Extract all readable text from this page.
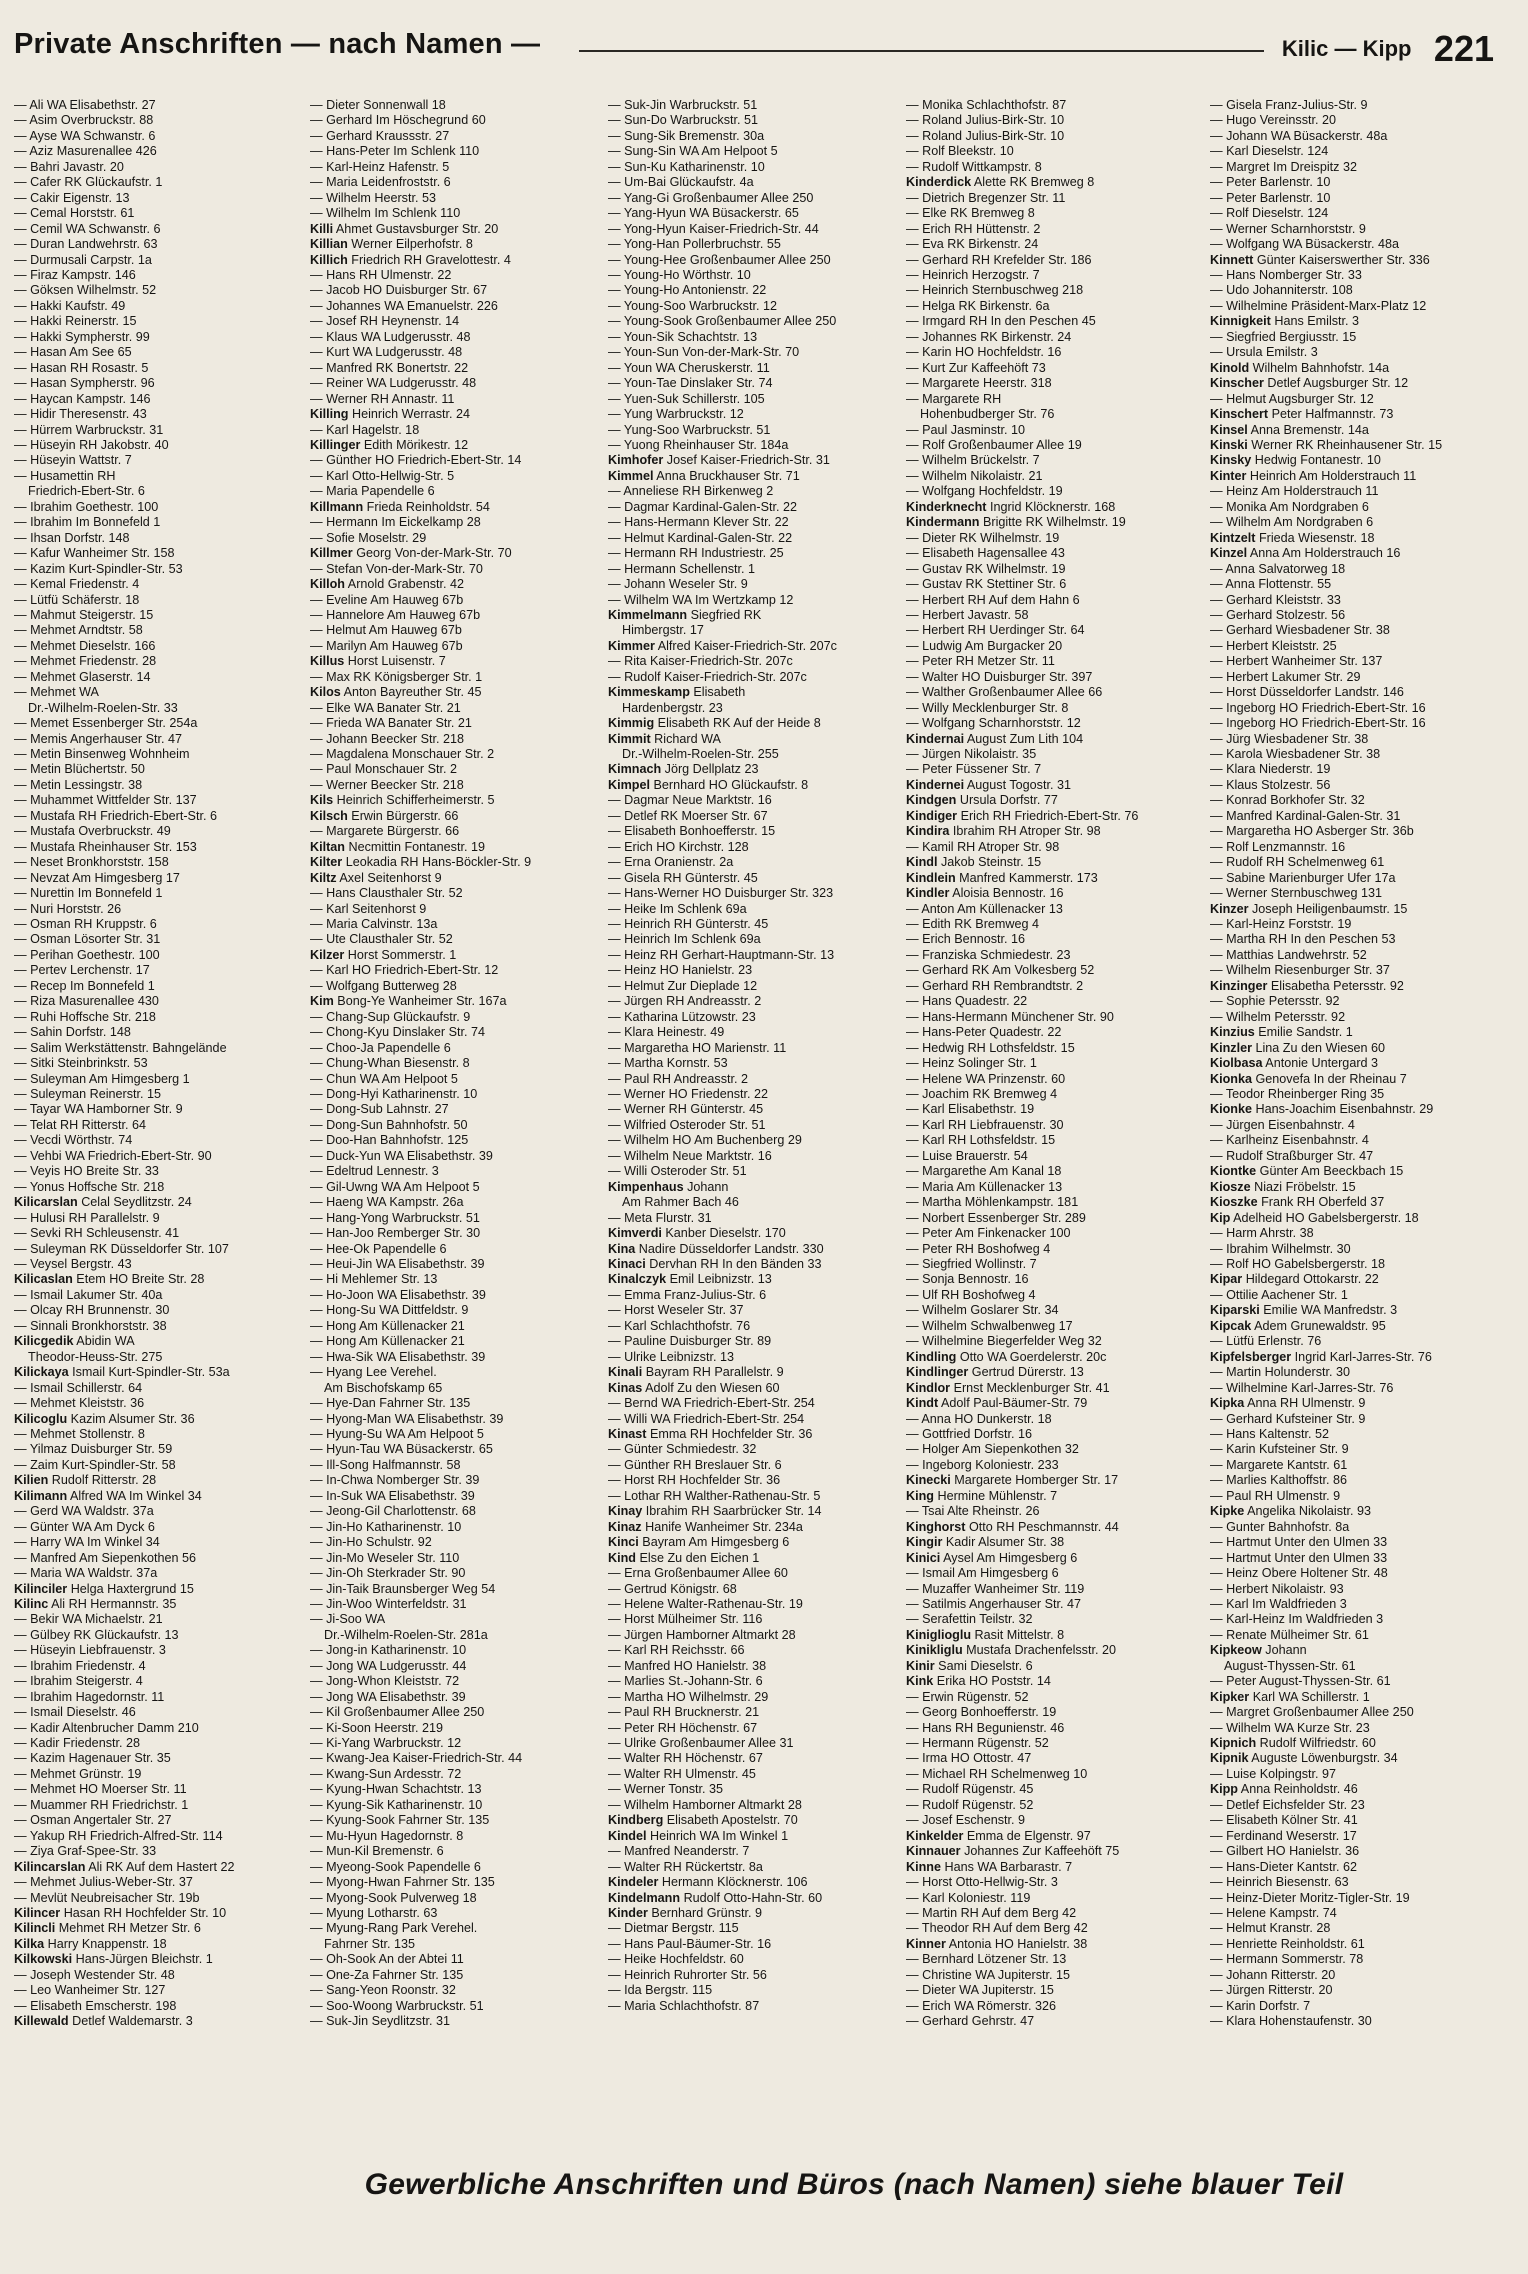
Private Anschriften — nach Namen —	Kilic — Kipp 221
— Ali WA Elisabethstr. 27
— Asim Overbruckstr. 88
— Ayse WA Schwanstr. 6
— Aziz Masurenallee 426
— Bahri Javastr. 20
— Cafer RK Glückaufstr. 1
— Cakir Eigenstr. 13
— Cemal Horststr. 61
— Cemil WA Schwanstr. 6
— Duran Landwehrstr. 63
— Durmusali Carpstr. 1a
— Firaz Kampstr. 146
— Göksen Wilhelmstr. 52
— Hakki Kaufstr. 49
— Hakki Reinerstr. 15
— Hakki Sympherstr. 99
— Hasan Am See 65
— Hasan RH Rosastr. 5
— Hasan Sympherstr. 96
— Haycan Kampstr. 146
— Hidir Theresenstr. 43
— Hürrem Warbruckstr. 31
— Hüseyin RH Jakobstr. 40
— Hüseyin Wattstr. 7
— Husamettin RH
Friedrich-Ebert-Str. 6
— Ibrahim Goethestr. 100
— Ibrahim Im Bonnefeld 1
— Ihsan Dorfstr. 148
— Kafur Wanheimer Str. 158
— Kazim Kurt-Spindler-Str. 53
— Kemal Friedenstr. 4
— Lütfü Schäferstr. 18
— Mahmut Steigerstr. 15
— Mehmet Arndtstr. 58
— Mehmet Dieselstr. 166
— Mehmet Friedenstr. 28
— Mehmet Glaserstr. 14
— Mehmet WA
Dr.-Wilhelm-Roelen-Str. 33
— Memet Essenberger Str. 254a
— Memis Angerhauser Str. 47
— Metin Binsenweg Wohnheim
— Metin Blüchertstr. 50
— Metin Lessingstr. 38
— Muhammet Wittfelder Str. 137
— Mustafa RH Friedrich-Ebert-Str. 6
— Mustafa Overbruckstr. 49
— Mustafa Rheinhauser Str. 153
— Neset Bronkhorststr. 158
— Nevzat Am Himgesberg 17
— Nurettin Im Bonnefeld 1
— Nuri Horststr. 26
— Osman RH Kruppstr. 6
— Osman Lösorter Str. 31
— Perihan Goethestr. 100
— Pertev Lerchenstr. 17
— Recep Im Bonnefeld 1
— Riza Masurenallee 430
— Ruhi Hoffsche Str. 218
— Sahin Dorfstr. 148
— Salim Werkstättenstr. Bahngelände
— Sitki Steinbrinkstr. 53
— Suleyman Am Himgesberg 1
— Suleyman Reinerstr. 15
— Tayar WA Hamborner Str. 9
— Telat RH Ritterstr. 64
— Vecdi Wörthstr. 74
— Vehbi WA Friedrich-Ebert-Str. 90
— Veyis HO Breite Str. 33
— Yonus Hoffsche Str. 218
Kilicarslan Celal Seydlitzstr. 24
— Hulusi RH Parallelstr. 9
— Sevki RH Schleusenstr. 41
— Suleyman RK Düsseldorfer Str. 107
— Veysel Bergstr. 43
Kilicaslan Etem HO Breite Str. 28
— Ismail Lakumer Str. 40a
— Olcay RH Brunnenstr. 30
— Sinnali Bronkhorststr. 38
Kilicgedik Abidin WA
Theodor-Heuss-Str. 275
Kilickaya Ismail Kurt-Spindler-Str. 53a
— Ismail Schillerstr. 64
— Mehmet Kleiststr. 36
Kilicoglu Kazim Alsumer Str. 36
— Mehmet Stollenstr. 8
— Yilmaz Duisburger Str. 59
— Zaim Kurt-Spindler-Str. 58
Kilien Rudolf Ritterstr. 28
Kilimann Alfred WA Im Winkel 34
— Gerd WA Waldstr. 37a
— Günter WA Am Dyck 6
— Harry WA Im Winkel 34
— Manfred Am Siepenkothen 56
— Maria WA Waldstr. 37a
Kilinciler Helga Haxtergrund 15
Kilinc Ali RH Hermannstr. 35
— Bekir WA Michaelstr. 21
— Gülbey RK Glückaufstr. 13
— Hüseyin Liebfrauenstr. 3
— Ibrahim Friedenstr. 4
— Ibrahim Steigerstr. 4
— Ibrahim Hagedornstr. 11
— Ismail Dieselstr. 46
— Kadir Altenbrucher Damm 210
— Kadir Friedenstr. 28
— Kazim Hagenauer Str. 35
— Mehmet Grünstr. 19
— Mehmet HO Moerser Str. 11
— Muammer RH Friedrichstr. 1
— Osman Angertaler Str. 27
— Yakup RH Friedrich-Alfred-Str. 114
— Ziya Graf-Spee-Str. 33
Kilincarslan Ali RK Auf dem Hastert 22
— Mehmet Julius-Weber-Str. 37
— Mevlüt Neubreisacher Str. 19b
Kilincer Hasan RH Hochfelder Str. 10
Kilincli Mehmet RH Metzer Str. 6
Kilka Harry Knappenstr. 18
Kilkowski Hans-Jürgen Bleichstr. 1
— Joseph Westender Str. 48
— Leo Wanheimer Str. 127
— Elisabeth Emscherstr. 198
Killewald Detlef Waldemarstr. 3
— Dieter Sonnenwall 18
— Gerhard Im Höschegrund 60
— Gerhard Kraussstr. 27
— Hans-Peter Im Schlenk 110
— Karl-Heinz Hafenstr. 5
— Maria Leidenfroststr. 6
— Wilhelm Heerstr. 53
— Wilhelm Im Schlenk 110
Killi Ahmet Gustavsburger Str. 20
Killian Werner Eilperhofstr. 8
Killich Friedrich RH Gravelottestr. 4
— Hans RH Ulmenstr. 22
— Jacob HO Duisburger Str. 67
— Johannes WA Emanuelstr. 226
— Josef RH Heynenstr. 14
— Klaus WA Ludgerusstr. 48
— Kurt WA Ludgerusstr. 48
— Manfred RK Bonertstr. 22
— Reiner WA Ludgerusstr. 48
— Werner RH Annastr. 11
Killing Heinrich Werrastr. 24
— Karl Hagelstr. 18
Killinger Edith Mörikestr. 12
— Günther HO Friedrich-Ebert-Str. 14
— Karl Otto-Hellwig-Str. 5
— Maria Papendelle 6
Killmann Frieda Reinholdstr. 54
— Hermann Im Eickelkamp 28
— Sofie Moselstr. 29
Killmer Georg Von-der-Mark-Str. 70
— Stefan Von-der-Mark-Str. 70
Killoh Arnold Grabenstr. 42
— Eveline Am Hauweg 67b
— Hannelore Am Hauweg 67b
— Helmut Am Hauweg 67b
— Marilyn Am Hauweg 67b
Killus Horst Luisenstr. 7
— Max RK Königsberger Str. 1
Kilos Anton Bayreuther Str. 45
— Elke WA Banater Str. 21
— Frieda WA Banater Str. 21
— Johann Beecker Str. 218
— Magdalena Monschauer Str. 2
— Paul Monschauer Str. 2
— Werner Beecker Str. 218
Kils Heinrich Schifferheimerstr. 5
Kilsch Erwin Bürgerstr. 66
— Margarete Bürgerstr. 66
Kiltan Necmittin Fontanestr. 19
Kilter Leokadia RH Hans-Böckler-Str. 9
Kiltz Axel Seitenhorst 9
— Hans Clausthaler Str. 52
— Karl Seitenhorst 9
— Maria Calvinstr. 13a
— Ute Clausthaler Str. 52
Kilzer Horst Sommerstr. 1
— Karl HO Friedrich-Ebert-Str. 12
— Wolfgang Butterweg 28
Kim Bong-Ye Wanheimer Str. 167a
— Chang-Sup Glückaufstr. 9
— Chong-Kyu Dinslaker Str. 74
— Choo-Ja Papendelle 6
— Chung-Whan Biesenstr. 8
— Chun WA Am Helpoot 5
— Dong-Hyi Katharinenstr. 10
— Dong-Sub Lahnstr. 27
— Dong-Sun Bahnhofstr. 50
— Doo-Han Bahnhofstr. 125
— Duck-Yun WA Elisabethstr. 39
— Edeltrud Lennestr. 3
— Gil-Uwng WA Am Helpoot 5
— Haeng WA Kampstr. 26a
— Hang-Yong Warbruckstr. 51
— Han-Joo Remberger Str. 30
— Hee-Ok Papendelle 6
— Heui-Jin WA Elisabethstr. 39
— Hi Mehlemer Str. 13
— Ho-Joon WA Elisabethstr. 39
— Hong-Su WA Dittfeldstr. 9
— Hong Am Küllenacker 21
— Hong Am Küllenacker 21
— Hwa-Sik WA Elisabethstr. 39
— Hyang Lee Verehel.
Am Bischofskamp 65
— Hye-Dan Fahrner Str. 135
— Hyong-Man WA Elisabethstr. 39
— Hyung-Su WA Am Helpoot 5
— Hyun-Tau WA Büsackerstr. 65
— Ill-Song Halfmannstr. 58
— In-Chwa Nomberger Str. 39
— In-Suk WA Elisabethstr. 39
— Jeong-Gil Charlottenstr. 68
— Jin-Ho Katharinenstr. 10
— Jin-Ho Schulstr. 92
— Jin-Mo Weseler Str. 110
— Jin-Oh Sterkrader Str. 90
— Jin-Taik Braunsberger Weg 54
— Jin-Woo Winterfeldstr. 31
— Ji-Soo WA
Dr.-Wilhelm-Roelen-Str. 281a
— Jong-in Katharinenstr. 10
— Jong WA Ludgerusstr. 44
— Jong-Whon Kleiststr. 72
— Jong WA Elisabethstr. 39
— Kil Großenbaumer Allee 250
— Ki-Soon Heerstr. 219
— Ki-Yang Warbruckstr. 12
— Kwang-Jea Kaiser-Friedrich-Str. 44
— Kwang-Sun Ardesstr. 72
— Kyung-Hwan Schachtstr. 13
— Kyung-Sik Katharinenstr. 10
— Kyung-Sook Fahrner Str. 135
— Mu-Hyun Hagedornstr. 8
— Mun-Kil Bremenstr. 6
— Myeong-Sook Papendelle 6
— Myong-Hwan Fahrner Str. 135
— Myong-Sook Pulverweg 18
— Myung Lotharstr. 63
— Myung-Rang Park Verehel.
Fahrner Str. 135
— Oh-Sook An der Abtei 11
— One-Za Fahrner Str. 135
— Sang-Yeon Roonstr. 32
— Soo-Woong Warbruckstr. 51
— Suk-Jin Seydlitzstr. 31
— Suk-Jin Warbruckstr. 51
— Sun-Do Warbruckstr. 51
— Sung-Sik Bremenstr. 30a
— Sung-Sin WA Am Helpoot 5
— Sun-Ku Katharinenstr. 10
— Um-Bai Glückaufstr. 4a
— Yang-Gi Großenbaumer Allee 250
— Yang-Hyun WA Büsackerstr. 65
— Yong-Hyun Kaiser-Friedrich-Str. 44
— Yong-Han Pollerbruchstr. 55
— Young-Hee Großenbaumer Allee 250
— Young-Ho Wörthstr. 10
— Young-Ho Antonienstr. 22
— Young-Soo Warbruckstr. 12
— Young-Sook Großenbaumer Allee 250
— Youn-Sik Schachtstr. 13
— Youn-Sun Von-der-Mark-Str. 70
— Youn WA Cheruskerstr. 11
— Youn-Tae Dinslaker Str. 74
— Yuen-Suk Schillerstr. 105
— Yung Warbruckstr. 12
— Yung-Soo Warbruckstr. 51
— Yuong Rheinhauser Str. 184a
Kimhofer Josef Kaiser-Friedrich-Str. 31
Kimmel Anna Bruckhauser Str. 71
— Anneliese RH Birkenweg 2
— Dagmar Kardinal-Galen-Str. 22
— Hans-Hermann Klever Str. 22
— Helmut Kardinal-Galen-Str. 22
— Hermann RH Industriestr. 25
— Hermann Schellenstr. 1
— Johann Weseler Str. 9
— Wilhelm WA Im Wertzkamp 12
Kimmelmann Siegfried RK
Himbergstr. 17
Kimmer Alfred Kaiser-Friedrich-Str. 207c
— Rita Kaiser-Friedrich-Str. 207c
— Rudolf Kaiser-Friedrich-Str. 207c
Kimmeskamp Elisabeth
Hardenbergstr. 23
Kimmig Elisabeth RK Auf der Heide 8
Kimmit Richard WA
Dr.-Wilhelm-Roelen-Str. 255
Kimnach Jörg Dellplatz 23
Kimpel Bernhard HO Glückaufstr. 8
— Dagmar Neue Marktstr. 16
— Detlef RK Moerser Str. 67
— Elisabeth Bonhoefferstr. 15
— Erich HO Kirchstr. 128
— Erna Oranienstr. 2a
— Gisela RH Günterstr. 45
— Hans-Werner HO Duisburger Str. 323
— Heike Im Schlenk 69a
— Heinrich RH Günterstr. 45
— Heinrich Im Schlenk 69a
— Heinz RH Gerhart-Hauptmann-Str. 13
— Heinz HO Hanielstr. 23
— Helmut Zur Dieplade 12
— Jürgen RH Andreasstr. 2
— Katharina Lützowstr. 23
— Klara Heinestr. 49
— Margaretha HO Marienstr. 11
— Martha Kornstr. 53
— Paul RH Andreasstr. 2
— Werner HO Friedenstr. 22
— Werner RH Günterstr. 45
— Wilfried Osteroder Str. 51
— Wilhelm HO Am Buchenberg 29
— Wilhelm Neue Marktstr. 16
— Willi Osteroder Str. 51
Kimpenhaus Johann
Am Rahmer Bach 46
— Meta Flurstr. 31
Kimverdi Kanber Dieselstr. 170
Kina Nadire Düsseldorfer Landstr. 330
Kinaci Dervhan RH In den Bänden 33
Kinalczyk Emil Leibnizstr. 13
— Emma Franz-Julius-Str. 6
— Horst Weseler Str. 37
— Karl Schlachthofstr. 76
— Pauline Duisburger Str. 89
— Ulrike Leibnizstr. 13
Kinali Bayram RH Parallelstr. 9
Kinas Adolf Zu den Wiesen 60
— Bernd WA Friedrich-Ebert-Str. 254
— Willi WA Friedrich-Ebert-Str. 254
Kinast Emma RH Hochfelder Str. 36
— Günter Schmiedestr. 32
— Günther RH Breslauer Str. 6
— Horst RH Hochfelder Str. 36
— Lothar RH Walther-Rathenau-Str. 5
Kinay Ibrahim RH Saarbrücker Str. 14
Kinaz Hanife Wanheimer Str. 234a
Kinci Bayram Am Himgesberg 6
Kind Else Zu den Eichen 1
— Erna Großenbaumer Allee 60
— Gertrud Königstr. 68
— Helene Walter-Rathenau-Str. 19
— Horst Mülheimer Str. 116
— Jürgen Hamborner Altmarkt 28
— Karl RH Reichsstr. 66
— Manfred HO Hanielstr. 38
— Marlies St.-Johann-Str. 6
— Martha HO Wilhelmstr. 29
— Paul RH Brucknerstr. 21
— Peter RH Höchenstr. 67
— Ulrike Großenbaumer Allee 31
— Walter RH Höchenstr. 67
— Walter RH Ulmenstr. 45
— Werner Tonstr. 35
— Wilhelm Hamborner Altmarkt 28
Kindberg Elisabeth Apostelstr. 70
Kindel Heinrich WA Im Winkel 1
— Manfred Neanderstr. 7
— Walter RH Rückertstr. 8a
Kindeler Hermann Klöcknerstr. 106
Kindelmann Rudolf Otto-Hahn-Str. 60
Kinder Bernhard Grünstr. 9
— Dietmar Bergstr. 115
— Hans Paul-Bäumer-Str. 16
— Heike Hochfeldstr. 60
— Heinrich Ruhrorter Str. 56
— Ida Bergstr. 115
— Maria Schlachthofstr. 87
— Monika Schlachthofstr. 87
— Roland Julius-Birk-Str. 10
— Roland Julius-Birk-Str. 10
— Rolf Bleekstr. 10
— Rudolf Wittkampstr. 8
Kinderdick Alette RK Bremweg 8
— Dietrich Bregenzer Str. 11
— Elke RK Bremweg 8
— Erich RH Hüttenstr. 2
— Eva RK Birkenstr. 24
— Gerhard RH Krefelder Str. 186
— Heinrich Herzogstr. 7
— Heinrich Sternbuschweg 218
— Helga RK Birkenstr. 6a
— Irmgard RH In den Peschen 45
— Johannes RK Birkenstr. 24
— Karin HO Hochfeldstr. 16
— Kurt Zur Kaffeehöft 73
— Margarete Heerstr. 318
— Margarete RH
Hohenbudberger Str. 76
— Paul Jasminstr. 10
— Rolf Großenbaumer Allee 19
— Wilhelm Brückelstr. 7
— Wilhelm Nikolaistr. 21
— Wolfgang Hochfeldstr. 19
Kinderknecht Ingrid Klöcknerstr. 168
Kindermann Brigitte RK Wilhelmstr. 19
— Dieter RK Wilhelmstr. 19
— Elisabeth Hagensallee 43
— Gustav RK Wilhelmstr. 19
— Gustav RK Stettiner Str. 6
— Herbert RH Auf dem Hahn 6
— Herbert Javastr. 58
— Herbert RH Uerdinger Str. 64
— Ludwig Am Burgacker 20
— Peter RH Metzer Str. 11
— Walter HO Duisburger Str. 397
— Walther Großenbaumer Allee 66
— Willy Mecklenburger Str. 8
— Wolfgang Scharnhorststr. 12
Kindernai August Zum Lith 104
— Jürgen Nikolaistr. 35
— Peter Füssener Str. 7
Kindernei August Togostr. 31
Kindgen Ursula Dorfstr. 77
Kindiger Erich RH Friedrich-Ebert-Str. 76
Kindira Ibrahim RH Atroper Str. 98
— Kamil RH Atroper Str. 98
Kindl Jakob Steinstr. 15
Kindlein Manfred Kammerstr. 173
Kindler Aloisia Bennostr. 16
— Anton Am Küllenacker 13
— Edith RK Bremweg 4
— Erich Bennostr. 16
— Franziska Schmiedestr. 23
— Gerhard RK Am Volkesberg 52
— Gerhard RH Rembrandtstr. 2
— Hans Quadestr. 22
— Hans-Hermann Münchener Str. 90
— Hans-Peter Quadestr. 22
— Hedwig RH Lothsfeldstr. 15
— Heinz Solinger Str. 1
— Helene WA Prinzenstr. 60
— Joachim RK Bremweg 4
— Karl Elisabethstr. 19
— Karl RH Liebfrauenstr. 30
— Karl RH Lothsfeldstr. 15
— Luise Brauerstr. 54
— Margarethe Am Kanal 18
— Maria Am Küllenacker 13
— Martha Möhlenkampstr. 181
— Norbert Essenberger Str. 289
— Peter Am Finkenacker 100
— Peter RH Boshofweg 4
— Siegfried Wollinstr. 7
— Sonja Bennostr. 16
— Ulf RH Boshofweg 4
— Wilhelm Goslarer Str. 34
— Wilhelm Schwalbenweg 17
— Wilhelmine Biegerfelder Weg 32
Kindling Otto WA Goerdelerstr. 20c
Kindlinger Gertrud Dürerstr. 13
Kindlor Ernst Mecklenburger Str. 41
Kindt Adolf Paul-Bäumer-Str. 79
— Anna HO Dunkerstr. 18
— Gottfried Dorfstr. 16
— Holger Am Siepenkothen 32
— Ingeborg Koloniestr. 233
Kinecki Margarete Homberger Str. 17
King Hermine Mühlenstr. 7
— Tsai Alte Rheinstr. 26
Kinghorst Otto RH Peschmannstr. 44
Kingir Kadir Alsumer Str. 38
Kinici Aysel Am Himgesberg 6
— Ismail Am Himgesberg 6
— Muzaffer Wanheimer Str. 119
— Satilmis Angerhauser Str. 47
— Serafettin Teilstr. 32
Kiniglioglu Rasit Mittelstr. 8
Kinikliglu Mustafa Drachenfelsstr. 20
Kinir Sami Dieselstr. 6
Kink Erika HO Poststr. 14
— Erwin Rügenstr. 52
— Georg Bonhoefferstr. 19
— Hans RH Begunienstr. 46
— Hermann Rügenstr. 52
— Irma HO Ottostr. 47
— Michael RH Schelmenweg 10
— Rudolf Rügenstr. 45
— Rudolf Rügenstr. 52
— Josef Eschenstr. 9
Kinkelder Emma de Elgenstr. 97
Kinnauer Johannes Zur Kaffeehöft 75
Kinne Hans WA Barbarastr. 7
— Horst Otto-Hellwig-Str. 3
— Karl Koloniestr. 119
— Martin RH Auf dem Berg 42
— Theodor RH Auf dem Berg 42
Kinner Antonia HO Hanielstr. 38
— Bernhard Lötzener Str. 13
— Christine WA Jupiterstr. 15
— Dieter WA Jupiterstr. 15
— Erich WA Römerstr. 326
— Gerhard Gehrstr. 47
— Gisela Franz-Julius-Str. 9
— Hugo Vereinsstr. 20
— Johann WA Büsackerstr. 48a
— Karl Dieselstr. 124
— Margret Im Dreispitz 32
— Peter Barlenstr. 10
— Peter Barlenstr. 10
— Rolf Dieselstr. 124
— Werner Scharnhorststr. 9
— Wolfgang WA Büsackerstr. 48a
Kinnett Günter Kaiserswerther Str. 336
— Hans Nomberger Str. 33
— Udo Johanniterstr. 108
— Wilhelmine Präsident-Marx-Platz 12
Kinnigkeit Hans Emilstr. 3
— Siegfried Bergiusstr. 15
— Ursula Emilstr. 3
Kinold Wilhelm Bahnhofstr. 14a
Kinscher Detlef Augsburger Str. 12
— Helmut Augsburger Str. 12
Kinschert Peter Halfmannstr. 73
Kinsel Anna Bremenstr. 14a
Kinski Werner RK Rheinhausener Str. 15
Kinsky Hedwig Fontanestr. 10
Kinter Heinrich Am Holderstrauch 11
— Heinz Am Holderstrauch 11
— Monika Am Nordgraben 6
— Wilhelm Am Nordgraben 6
Kintzelt Frieda Wiesenstr. 18
Kinzel Anna Am Holderstrauch 16
— Anna Salvatorweg 18
— Anna Flottenstr. 55
— Gerhard Kleiststr. 33
— Gerhard Stolzestr. 56
— Gerhard Wiesbadener Str. 38
— Herbert Kleiststr. 25
— Herbert Wanheimer Str. 137
— Herbert Lakumer Str. 29
— Horst Düsseldorfer Landstr. 146
— Ingeborg HO Friedrich-Ebert-Str. 16
— Ingeborg HO Friedrich-Ebert-Str. 16
— Jürg Wiesbadener Str. 38
— Karola Wiesbadener Str. 38
— Klara Niederstr. 19
— Klaus Stolzestr. 56
— Konrad Borkhofer Str. 32
— Manfred Kardinal-Galen-Str. 31
— Margaretha HO Asberger Str. 36b
— Rolf Lenzmannstr. 16
— Rudolf RH Schelmenweg 61
— Sabine Marienburger Ufer 17a
— Werner Sternbuschweg 131
Kinzer Joseph Heiligenbaumstr. 15
— Karl-Heinz Forststr. 19
— Martha RH In den Peschen 53
— Matthias Landwehrstr. 52
— Wilhelm Riesenburger Str. 37
Kinzinger Elisabetha Petersstr. 92
— Sophie Petersstr. 92
— Wilhelm Petersstr. 92
Kinzius Emilie Sandstr. 1
Kinzler Lina Zu den Wiesen 60
Kiolbasa Antonie Untergard 3
Kionka Genovefa In der Rheinau 7
— Teodor Rheinberger Ring 35
Kionke Hans-Joachim Eisenbahnstr. 29
— Jürgen Eisenbahnstr. 4
— Karlheinz Eisenbahnstr. 4
— Rudolf Straßburger Str. 47
Kiontke Günter Am Beeckbach 15
Kiosze Niazi Fröbelstr. 15
Kioszke Frank RH Oberfeld 37
Kip Adelheid HO Gabelsbergerstr. 18
— Harm Ahrstr. 38
— Ibrahim Wilhelmstr. 30
— Rolf HO Gabelsbergerstr. 18
Kipar Hildegard Ottokarstr. 22
— Ottilie Aachener Str. 1
Kiparski Emilie WA Manfredstr. 3
Kipcak Adem Grunewaldstr. 95
— Lütfü Erlenstr. 76
Kipfelsberger Ingrid Karl-Jarres-Str. 76
— Martin Holunderstr. 30
— Wilhelmine Karl-Jarres-Str. 76
Kipka Anna RH Ulmenstr. 9
— Gerhard Kufsteiner Str. 9
— Hans Kaltenstr. 52
— Karin Kufsteiner Str. 9
— Margarete Kantstr. 61
— Marlies Kalthoffstr. 86
— Paul RH Ulmenstr. 9
Kipke Angelika Nikolaistr. 93
— Gunter Bahnhofstr. 8a
— Hartmut Unter den Ulmen 33
— Hartmut Unter den Ulmen 33
— Heinz Obere Holtener Str. 48
— Herbert Nikolaistr. 93
— Karl Im Waldfrieden 3
— Karl-Heinz Im Waldfrieden 3
— Renate Mülheimer Str. 61
Kipkeow Johann
August-Thyssen-Str. 61
— Peter August-Thyssen-Str. 61
Kipker Karl WA Schillerstr. 1
— Margret Großenbaumer Allee 250
— Wilhelm WA Kurze Str. 23
Kipnich Rudolf Wilfriedstr. 60
Kipnik Auguste Löwenburgstr. 34
— Luise Kolpingstr. 97
Kipp Anna Reinholdstr. 46
— Detlef Eichsfelder Str. 23
— Elisabeth Kölner Str. 41
— Ferdinand Weserstr. 17
— Gilbert HO Hanielstr. 36
— Hans-Dieter Kantstr. 62
— Heinrich Biesenstr. 63
— Heinz-Dieter Moritz-Tigler-Str. 19
— Helene Kampstr. 74
— Helmut Kranstr. 28
— Henriette Reinholdstr. 61
— Hermann Sommerstr. 78
— Johann Ritterstr. 20
— Jürgen Ritterstr. 20
— Karin Dorfstr. 7
— Klara Hohenstaufenstr. 30
Gewerbliche Anschriften und Büros (nach Namen) siehe blauer Teil
